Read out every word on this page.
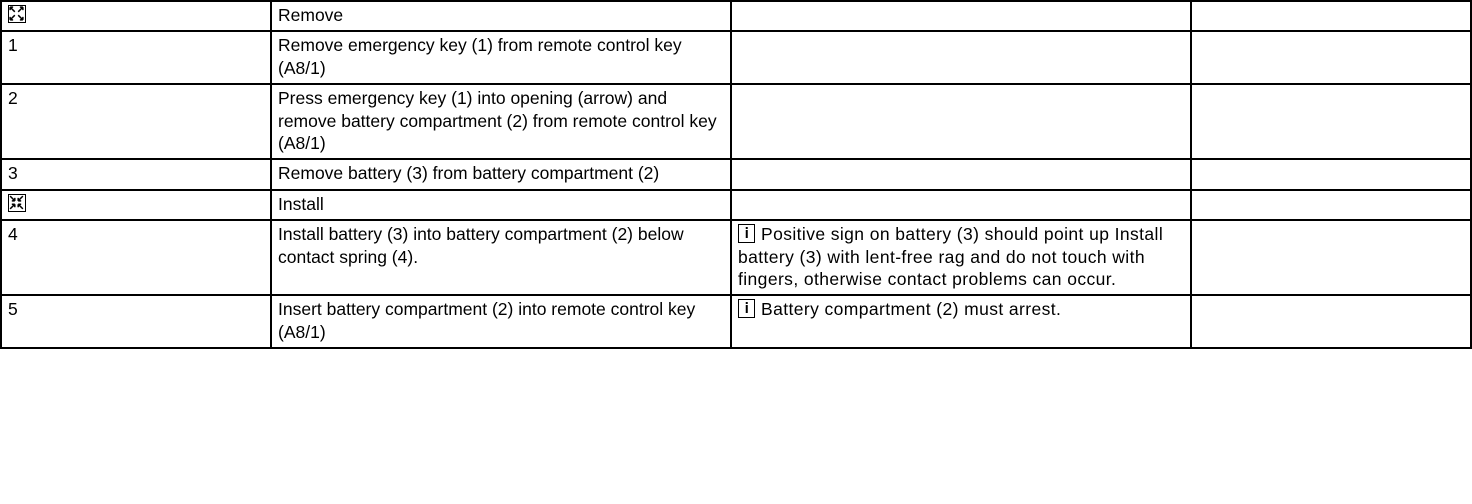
	Remove		
1	Remove emergency key (1) from remote control key (A8/1)		
2	Press emergency key (1) into opening (arrow) and remove battery compartment (2) from remote control key (A8/1)		
3	Remove battery (3) from battery compartment (2)		

	Install		
4	Install battery (3) into battery compartment (2) below contact spring (4).	Positive sign on battery (3) should point up Install battery (3) with lent-free rag and do not touch with fingers, otherwise contact problems can occur.	
5	Insert battery compartment (2) into remote control key (A8/1)	Battery compartment (2) must arrest.	
